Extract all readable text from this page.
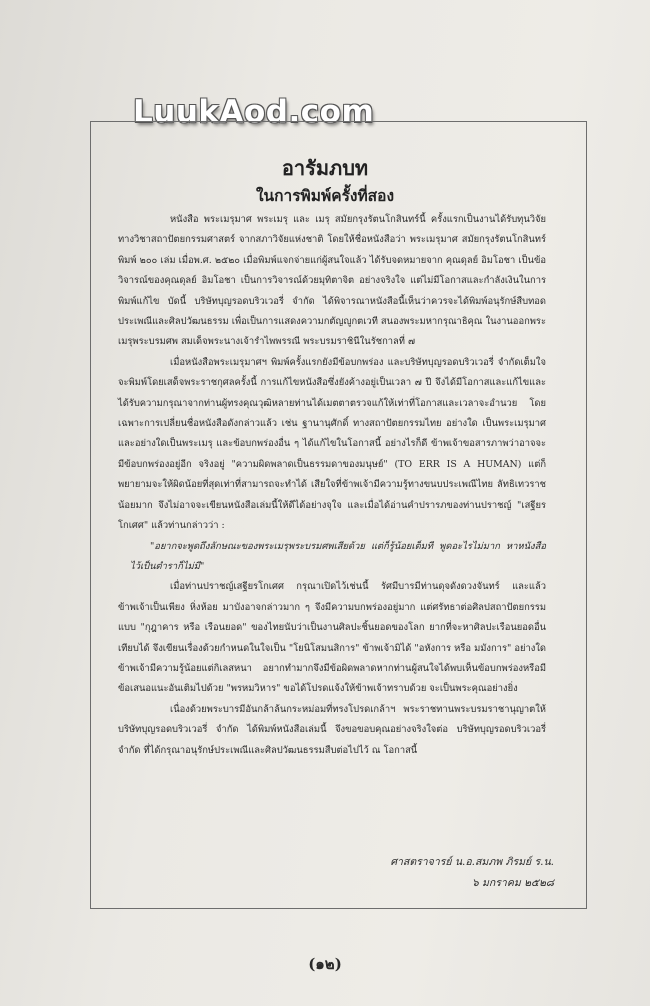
LuukAod.com
อารัมภบท
ในการพิมพ์ครั้งที่สอง

หนังสือ พระเมรุมาศ พระเมรุ และ เมรุ สมัยกรุงรัตนโกสินทร์นี้ ครั้งแรกเป็นงานได้รับทุนวิจัยทางวิชาสถาปัตยกรรมศาสตร์ จากสภาวิจัยแห่งชาติ โดยให้ชื่อหนังสือว่า พระเมรุมาศ สมัยกรุงรัตนโกสินทร์ พิมพ์ ๒๐๐ เล่ม เมื่อพ.ศ. ๒๕๒๐ เมื่อพิมพ์แจกจ่ายแก่ผู้สนใจแล้ว ได้รับจดหมายจาก คุณดุลย์ อิมโอชา เป็นข้อวิจารณ์ของคุณดุลย์ อิมโอชา เป็นการวิจารณ์ด้วยมุทิตาจิต อย่างจริงใจ แต่ไม่มีโอกาสและกำลังเงินในการพิมพ์แก้ไข บัดนี้ บริษัทบุญรอดบริวเวอรี่ จำกัด ได้พิจารณาหนังสือนี้เห็นว่าควรจะได้พิมพ์อนุรักษ์สืบทอดประเพณีและศิลปวัฒนธรรม เพื่อเป็นการแสดงความกตัญญูกตเวที สนองพระมหากรุณาธิคุณ ในงานออกพระเมรุพระบรมศพ สมเด็จพระนางเจ้ารำไพพรรณี พระบรมราชินีในรัชกาลที่ ๗

เมื่อหนังสือพระเมรุมาศฯ พิมพ์ครั้งแรกยังมีข้อบกพร่อง และบริษัทบุญรอดบริวเวอรี่ จำกัดเต็มใจจะพิมพ์โดยเสด็จพระราชกุศลครั้งนี้ การแก้ไขหนังสือซึ่งยังค้างอยู่เป็นเวลา ๗ ปี จึงได้มีโอกาสและแก้ไขและได้รับความกรุณาจากท่านผู้ทรงคุณวุฒิหลายท่านได้เมตตาตรวจแก้ให้เท่าที่โอกาสและเวลาจะอำนวย โดยเฉพาะการเปลี่ยนชื่อหนังสือดังกล่าวแล้ว เช่น ฐานานุศักดิ์ ทางสถาปัตยกรรมไทย อย่างใด เป็นพระเมรุมาศ และอย่างใดเป็นพระเมรุ และข้อบกพร่องอื่น ๆ ได้แก้ไขในโอกาสนี้ อย่างไรก็ดี ข้าพเจ้าขอสารภาพว่าอาจจะมีข้อบกพร่องอยู่อีก จริงอยู่ "ความผิดพลาดเป็นธรรมดาของมนุษย์" (TO ERR IS A HUMAN) แต่ก็พยายามจะให้ผิดน้อยที่สุดเท่าที่สามารถจะทำได้ เสียใจที่ข้าพเจ้ามีความรู้ทางขนบประเพณีไทย ลัทธิเทวราช น้อยมาก จึงไม่อาจจะเขียนหนังสือเล่มนี้ให้ดีได้อย่างจุใจ และเมื่อได้อ่านคำปรารภของท่านปราชญ์ "เสฐียรโกเศศ" แล้วท่านกล่าวว่า :

"อยากจะพูดถึงลักษณะของพระเมรุพระบรมศพเสียด้วย แต่ก็รู้น้อยเต็มที พูดอะไรไม่มาก หาหนังสือไว้เป็นตำราก็ไม่มี"

เมื่อท่านปราชญ์เสฐียรโกเศศ กรุณาเปิดไว้เช่นนี้ รัศมีบารมีท่านดุจดังดวงจันทร์ และแล้วข้าพเจ้าเป็นเพียง หิ่งห้อย มาบังอาจกล่าวมาก ๆ จึงมีความบกพร่องอยู่มาก แต่ศรัทธาต่อศิลปสถาปัตยกรรมแบบ "กุฎาคาร หรือ เรือนยอด" ของไทยนับว่าเป็นงานศิลปะชิ้นยอดของโลก ยากที่จะหาศิลปะเรือนยอดอื่นเทียบได้ จึงเขียนเรื่องด้วยกำหนดในใจเป็น "โยนิโสมนสิการ" ข้าพเจ้ามิได้ "อหังการ หรือ มมังการ" อย่างใด ข้าพเจ้ามีความรู้น้อยแต่กิเลสหนา อยากทำมากจึงมีข้อผิดพลาดหากท่านผู้สนใจได้พบเห็นข้อบกพร่องหรือมีข้อเสนอแนะอันเติมไปด้วย "พรหมวิหาร" ขอได้โปรดแจ้งให้ข้าพเจ้าทราบด้วย จะเป็นพระคุณอย่างยิ่ง

เนื่องด้วยพระบารมีอันกล้าล้นกระหม่อมที่ทรงโปรดเกล้าฯ พระราชทานพระบรมราชานุญาตให้บริษัทบุญรอดบริวเวอรี่ จำกัด ได้พิมพ์หนังสือเล่มนี้ จึงขอขอบคุณอย่างจริงใจต่อ บริษัทบุญรอดบริวเวอรี่ จำกัด ที่ได้กรุณาอนุรักษ์ประเพณีและศิลปวัฒนธรรมสืบต่อไปไว้ ณ โอกาสนี้

ศาสตราจารย์ น.อ.สมภพ ภิรมย์ ร.น.
๖ มกราคม ๒๕๒๘
(๑๒)
